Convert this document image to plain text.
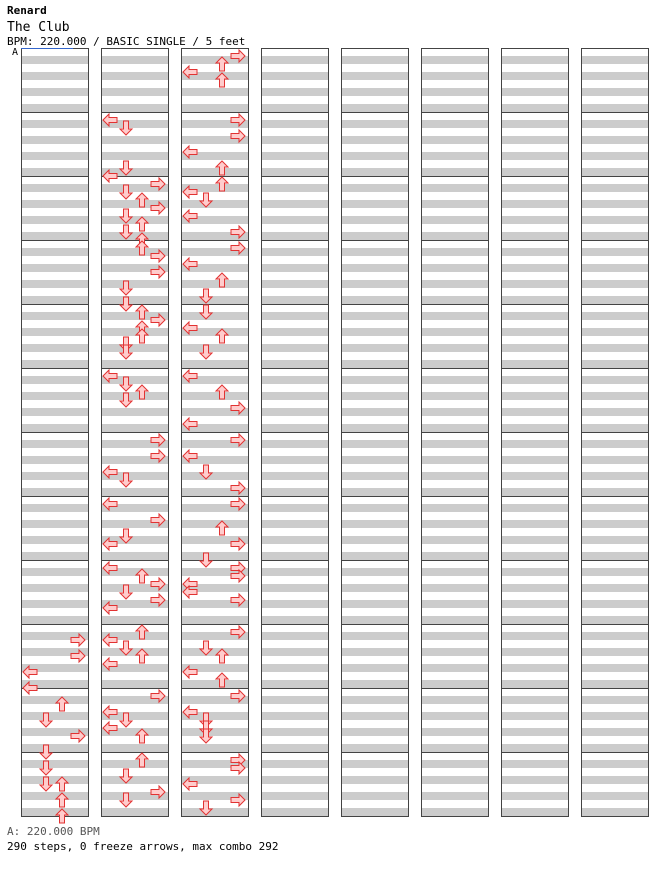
Renard
The Club
BPM: 220.000 / BASIC SINGLE / 5 feet
A
A: 220.000 BPM
290 steps, 0 freeze arrows, max combo 292
